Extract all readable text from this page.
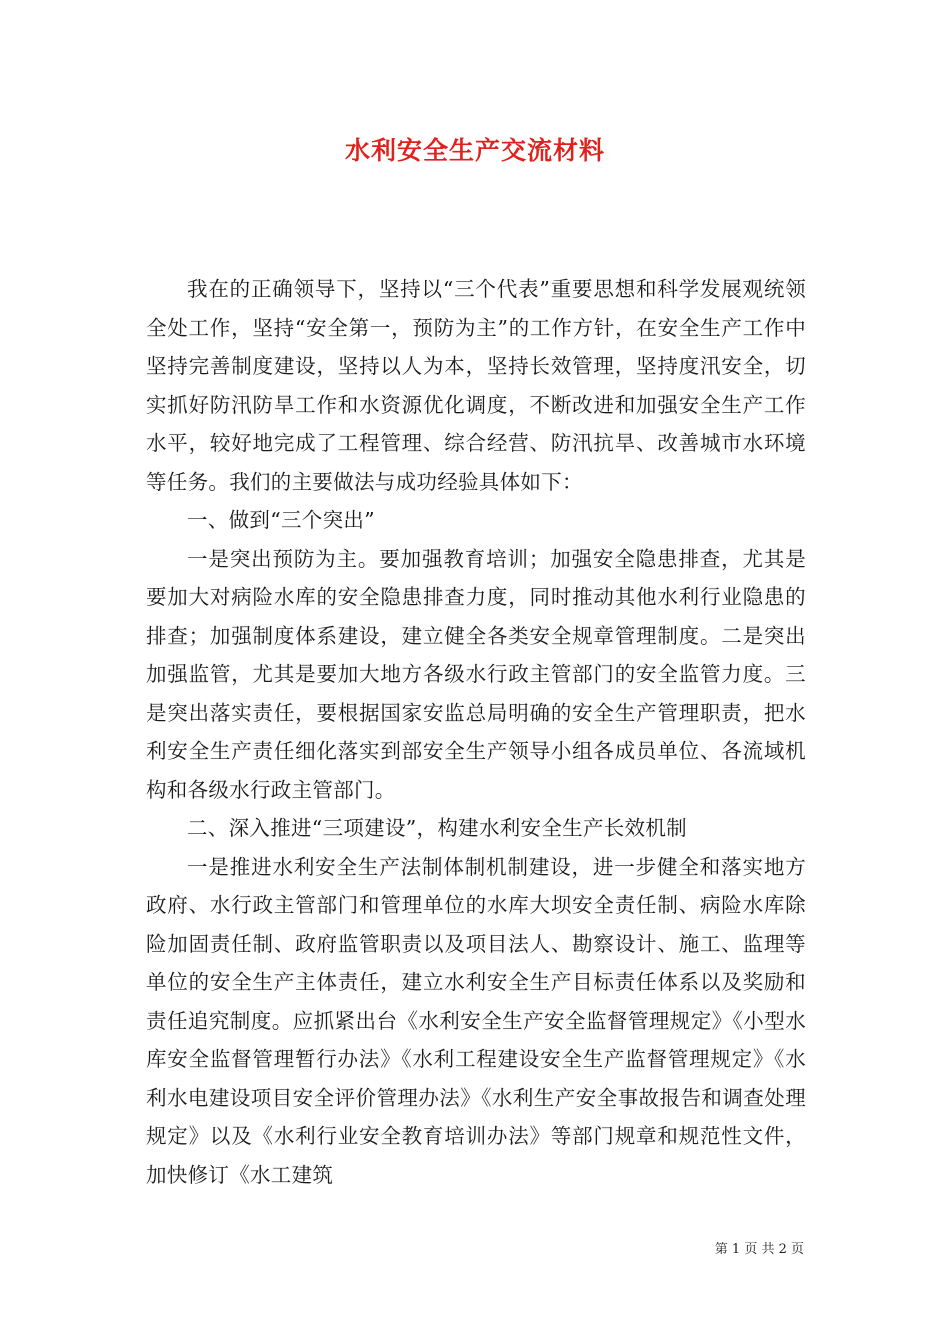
水利安全生产交流材料

我在的正确领导下，坚持以“三个代表”重要思想和科学发展观统领全处工作，坚持“安全第一，预防为主”的工作方针，在安全生产工作中坚持完善制度建设，坚持以人为本，坚持长效管理，坚持度汛安全，切实抓好防汛防旱工作和水资源优化调度，不断改进和加强安全生产工作水平，较好地完成了工程管理、综合经营、防汛抗旱、改善城市水环境等任务。我们的主要做法与成功经验具体如下：

一、做到“三个突出”

一是突出预防为主。要加强教育培训；加强安全隐患排查，尤其是要加大对病险水库的安全隐患排查力度，同时推动其他水利行业隐患的排查；加强制度体系建设，建立健全各类安全规章管理制度。二是突出加强监管，尤其是要加大地方各级水行政主管部门的安全监管力度。三是突出落实责任，要根据国家安监总局明确的安全生产管理职责，把水利安全生产责任细化落实到部安全生产领导小组各成员单位、各流域机构和各级水行政主管部门。

二、深入推进“三项建设”，构建水利安全生产长效机制

一是推进水利安全生产法制体制机制建设，进一步健全和落实地方政府、水行政主管部门和管理单位的水库大坝安全责任制、病险水库除险加固责任制、政府监管职责以及项目法人、勘察设计、施工、监理等单位的安全生产主体责任，建立水利安全生产目标责任体系以及奖励和责任追究制度。应抓紧出台《水利安全生产安全监督管理规定》《小型水库安全监督管理暂行办法》《水利工程建设安全生产监督管理规定》《水利水电建设项目安全评价管理办法》《水利生产安全事故报告和调查处理规定》以及《水利行业安全教育培训办法》等部门规章和规范性文件，加快修订《水工建筑

第 1 页 共 2 页
